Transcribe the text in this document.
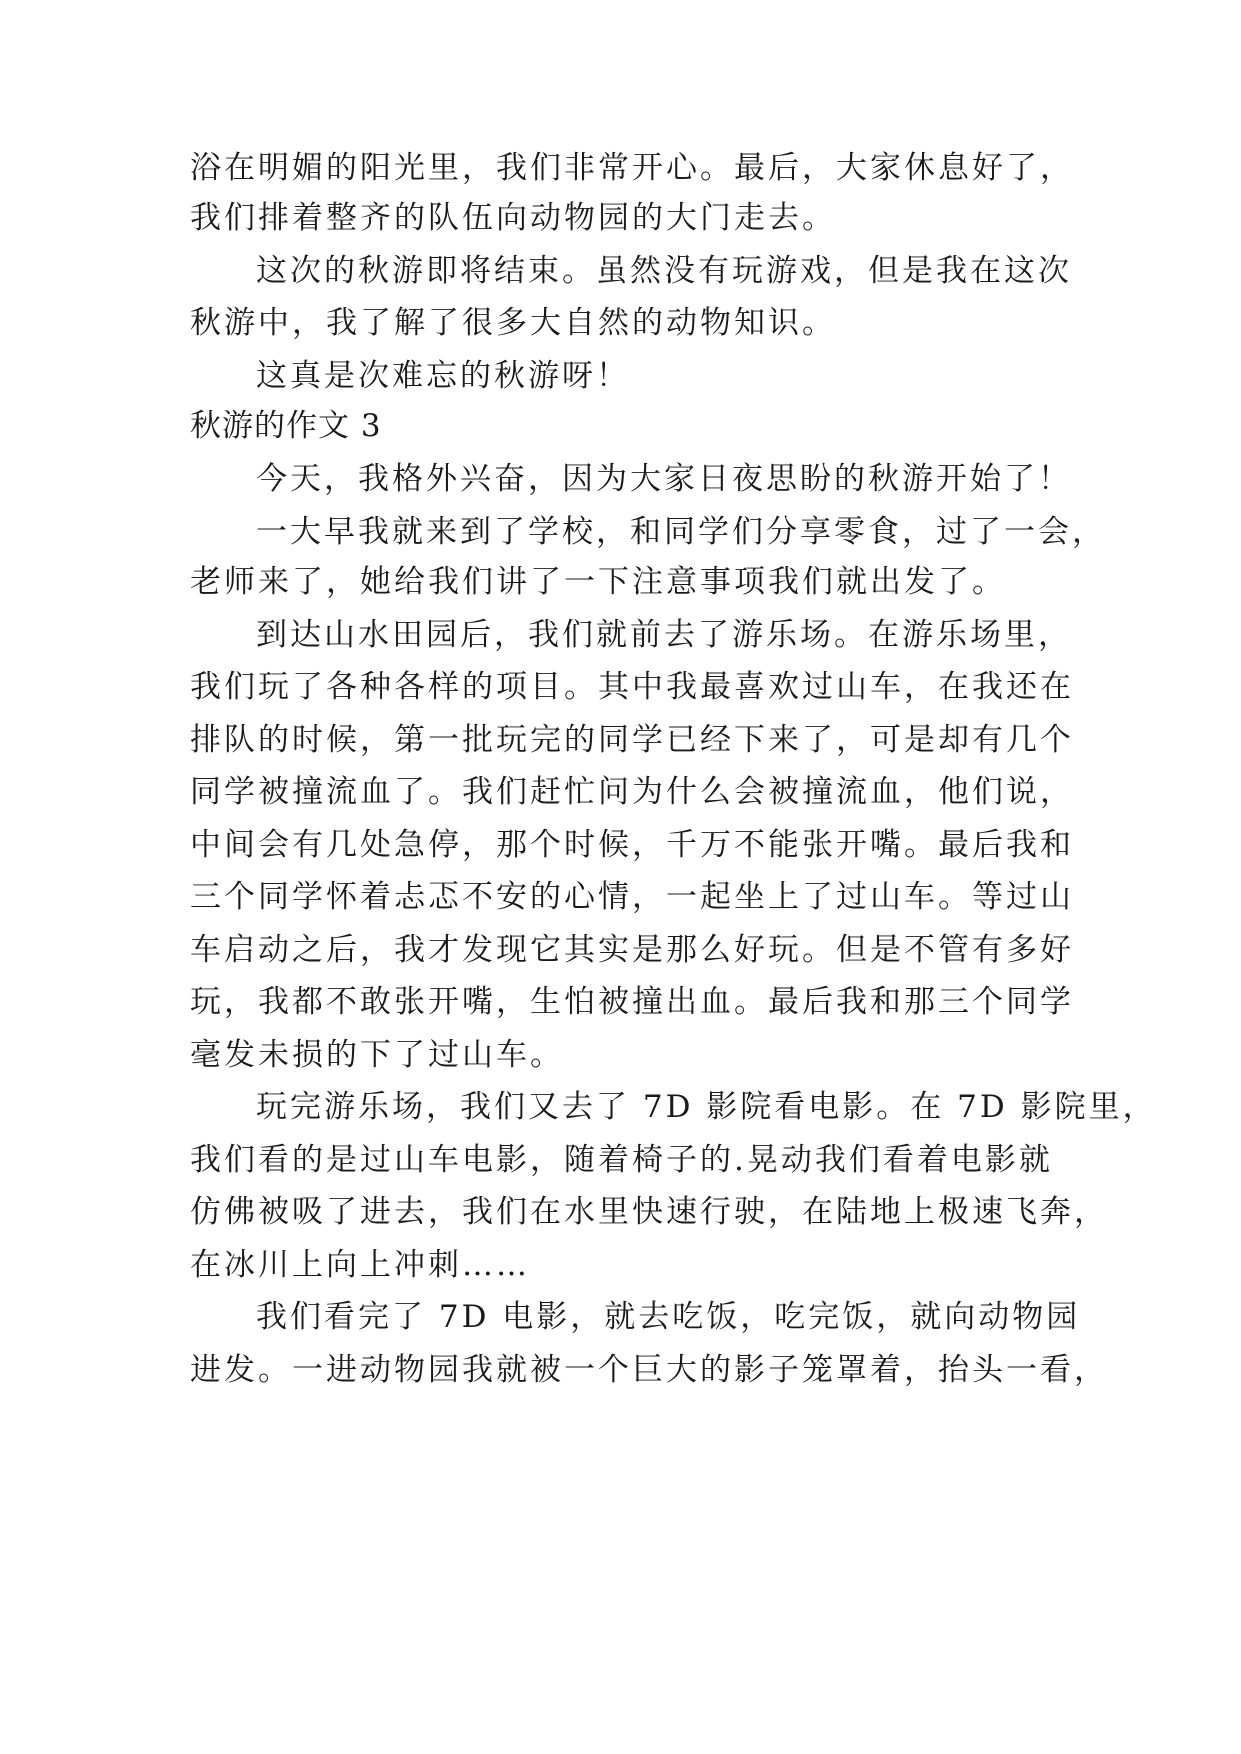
浴在明媚的阳光里，我们非常开心。最后，大家休息好了，
我们排着整齐的队伍向动物园的大门走去。
这次的秋游即将结束。虽然没有玩游戏，但是我在这次
秋游中，我了解了很多大自然的动物知识。
这真是次难忘的秋游呀！
秋游的作文 3
今天，我格外兴奋，因为大家日夜思盼的秋游开始了！
一大早我就来到了学校，和同学们分享零食，过了一会，
老师来了，她给我们讲了一下注意事项我们就出发了。
到达山水田园后，我们就前去了游乐场。在游乐场里，
我们玩了各种各样的项目。其中我最喜欢过山车，在我还在
排队的时候，第一批玩完的同学已经下来了，可是却有几个
同学被撞流血了。我们赶忙问为什么会被撞流血，他们说，
中间会有几处急停，那个时候，千万不能张开嘴。最后我和
三个同学怀着忐忑不安的心情，一起坐上了过山车。等过山
车启动之后，我才发现它其实是那么好玩。但是不管有多好
玩，我都不敢张开嘴，生怕被撞出血。最后我和那三个同学
毫发未损的下了过山车。
玩完游乐场，我们又去了 7D 影院看电影。在 7D 影院里，
我们看的是过山车电影，随着椅子的.晃动我们看着电影就
仿佛被吸了进去，我们在水里快速行驶，在陆地上极速飞奔，
在冰川上向上冲刺……
我们看完了 7D 电影，就去吃饭，吃完饭，就向动物园
进发。一进动物园我就被一个巨大的影子笼罩着，抬头一看，
